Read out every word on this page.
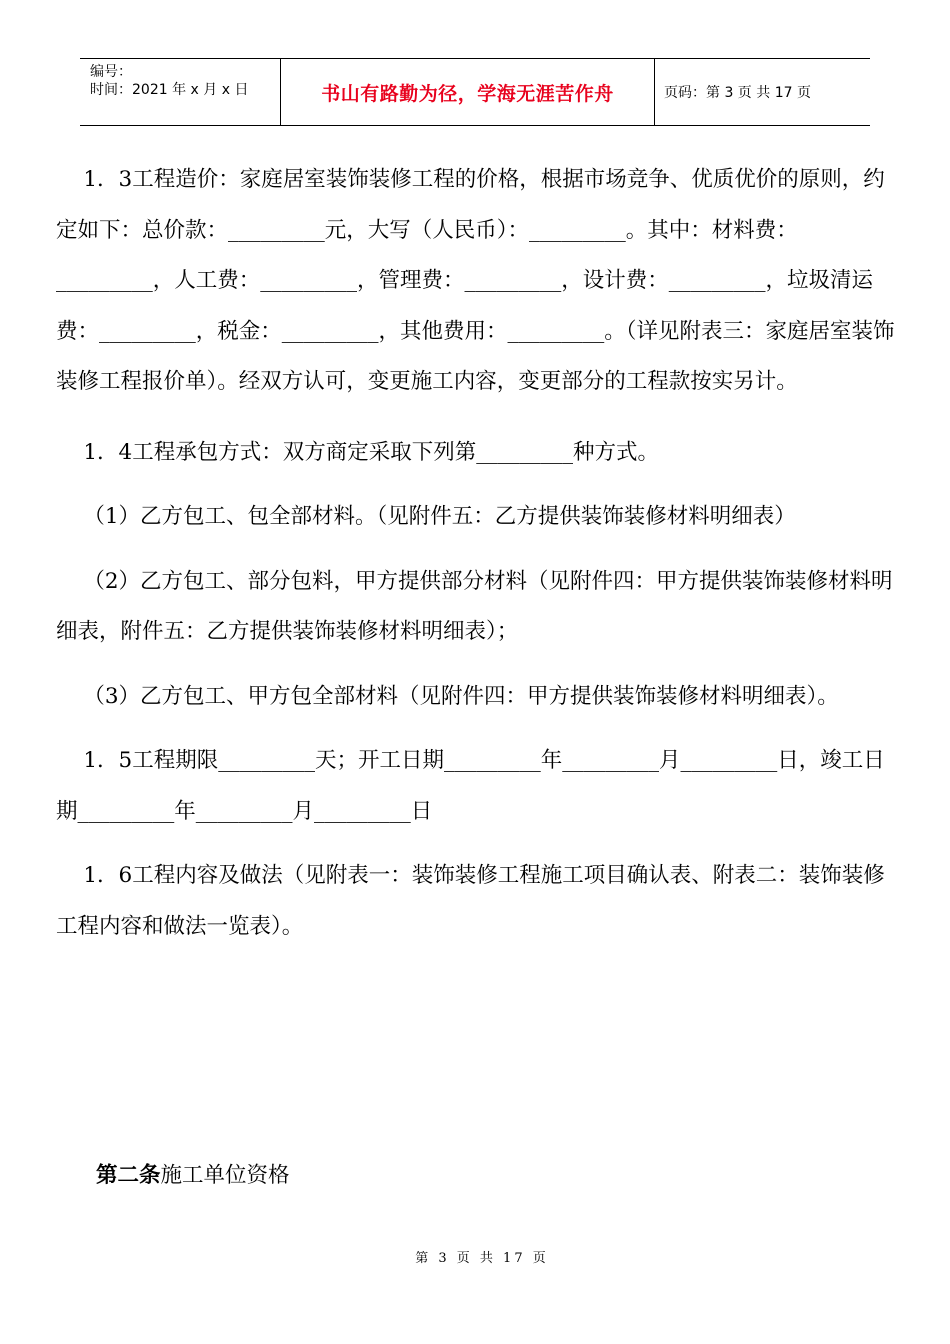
编号：
时间：2021 年 x 月 x 日	书山有路勤为径，学海无涯苦作舟	页码：第 3 页 共 17 页

1．3工程造价：家庭居室装饰装修工程的价格，根据市场竞争、优质优价的原则，约定如下：总价款：_________元，大写（人民币）：_________。其中：材料费：_________，人工费：_________，管理费：_________，设计费：_________，垃圾清运费：_________，税金：_________，其他费用：_________。（详见附表三：家庭居室装饰装修工程报价单）。经双方认可，变更施工内容，变更部分的工程款按实另计。

1．4工程承包方式：双方商定采取下列第_________种方式。

（1）乙方包工、包全部材料。（见附件五：乙方提供装饰装修材料明细表）

（2）乙方包工、部分包料，甲方提供部分材料（见附件四：甲方提供装饰装修材料明细表，附件五：乙方提供装饰装修材料明细表）；

（3）乙方包工、甲方包全部材料（见附件四：甲方提供装饰装修材料明细表）。

1．5工程期限_________天；开工日期_________年_________月_________日，竣工日期_________年_________月_________日

1．6工程内容及做法（见附表一：装饰装修工程施工项目确认表、附表二：装饰装修工程内容和做法一览表）。

第二条施工单位资格
第 3 页 共 17 页
